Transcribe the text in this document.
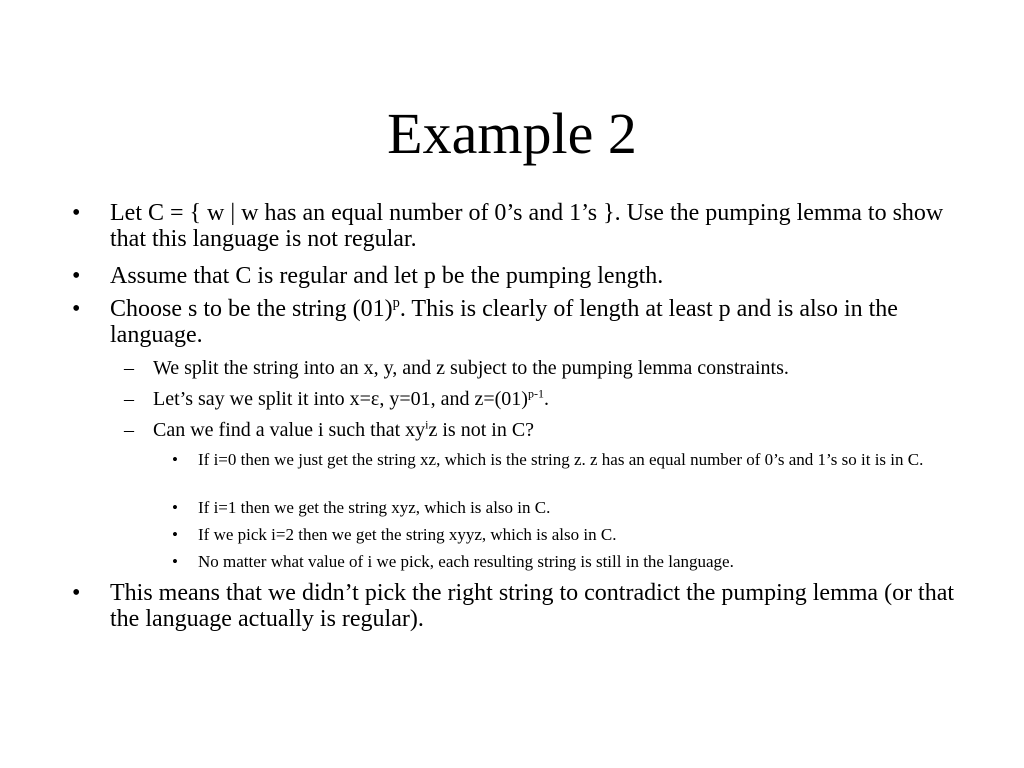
Example 2
• Let C = { w | w has an equal number of 0’s and 1’s }. Use the pumping lemma to show that this language is not regular.
• Assume that C is regular and let p be the pumping length.
• Choose s to be the string $(01)^p$. This is clearly of length at least p and is also in the language.
– We split the string into an x, y, and z subject to the pumping lemma constraints.
– Let’s say we split it into x=ε, y=01, and $z=(01)^{p-1}$.
– Can we find a value i such that $xy^iz$ is not in C?
• If i=0 then we just get the string xz, which is the string z. z has an equal number of 0’s and 1’s so it is in C.
• If i=1 then we get the string xyz, which is also in C.
• If we pick i=2 then we get the string xyyz, which is also in C.
• No matter what value of i we pick, each resulting string is still in the language.
• This means that we didn’t pick the right string to contradict the pumping lemma (or that the language actually is regular).
